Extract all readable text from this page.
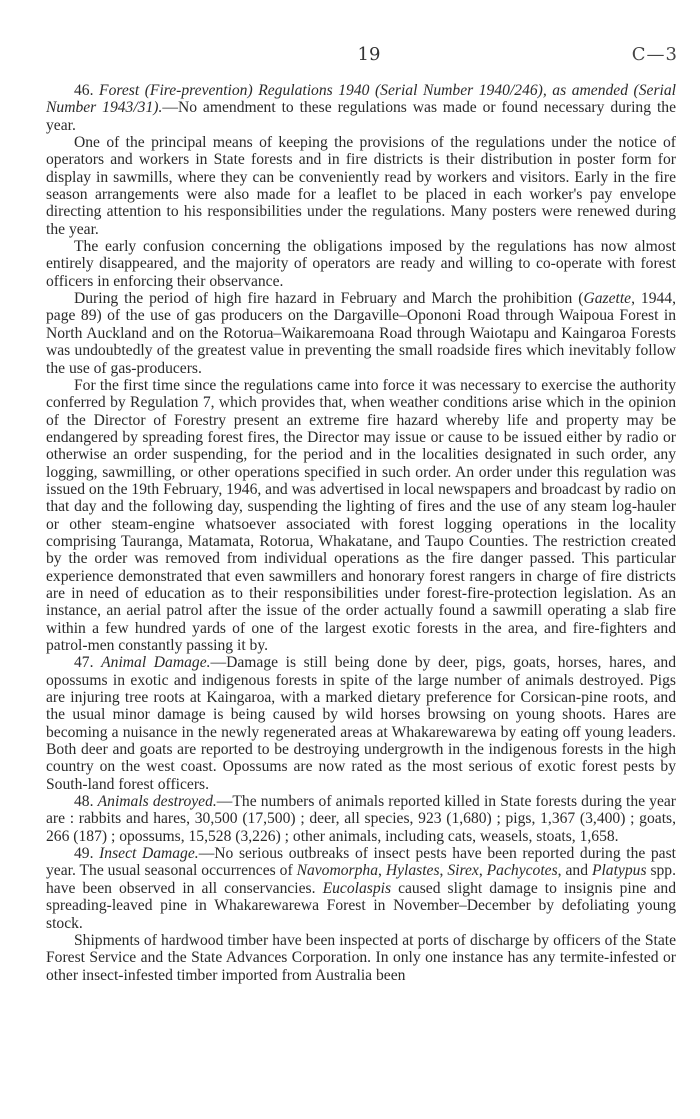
19	C—3

46. Forest (Fire-prevention) Regulations 1940 (Serial Number 1940/246), as amended (Serial Number 1943/31).—No amendment to these regulations was made or found necessary during the year.

One of the principal means of keeping the provisions of the regulations under the notice of operators and workers in State forests and in fire districts is their distribution in poster form for display in sawmills, where they can be conveniently read by workers and visitors. Early in the fire season arrangements were also made for a leaflet to be placed in each worker's pay envelope directing attention to his responsibilities under the regulations. Many posters were renewed during the year.

The early confusion concerning the obligations imposed by the regulations has now almost entirely disappeared, and the majority of operators are ready and willing to co-operate with forest officers in enforcing their observance.

During the period of high fire hazard in February and March the prohibition (Gazette, 1944, page 89) of the use of gas producers on the Dargaville–Opononi Road through Waipoua Forest in North Auckland and on the Rotorua–Waikaremoana Road through Waiotapu and Kaingaroa Forests was undoubtedly of the greatest value in preventing the small roadside fires which inevitably follow the use of gas-producers.

For the first time since the regulations came into force it was necessary to exercise the authority conferred by Regulation 7, which provides that, when weather conditions arise which in the opinion of the Director of Forestry present an extreme fire hazard whereby life and property may be endangered by spreading forest fires, the Director may issue or cause to be issued either by radio or otherwise an order suspending, for the period and in the localities designated in such order, any logging, sawmilling, or other operations specified in such order. An order under this regulation was issued on the 19th February, 1946, and was advertised in local newspapers and broadcast by radio on that day and the following day, suspending the lighting of fires and the use of any steam log-hauler or other steam-engine whatsoever associated with forest logging operations in the locality comprising Tauranga, Matamata, Rotorua, Whakatane, and Taupo Counties. The restriction created by the order was removed from individual operations as the fire danger passed. This particular experience demonstrated that even sawmillers and honorary forest rangers in charge of fire districts are in need of education as to their responsibilities under forest-fire-protection legislation. As an instance, an aerial patrol after the issue of the order actually found a sawmill operating a slab fire within a few hundred yards of one of the largest exotic forests in the area, and fire-fighters and patrol-men constantly passing it by.

47. Animal Damage.—Damage is still being done by deer, pigs, goats, horses, hares, and opossums in exotic and indigenous forests in spite of the large number of animals destroyed. Pigs are injuring tree roots at Kaingaroa, with a marked dietary preference for Corsican-pine roots, and the usual minor damage is being caused by wild horses browsing on young shoots. Hares are becoming a nuisance in the newly regenerated areas at Whakarewarewa by eating off young leaders. Both deer and goats are reported to be destroying undergrowth in the indigenous forests in the high country on the west coast. Opossums are now rated as the most serious of exotic forest pests by South-land forest officers.

48. Animals destroyed.—The numbers of animals reported killed in State forests during the year are : rabbits and hares, 30,500 (17,500) ; deer, all species, 923 (1,680) ; pigs, 1,367 (3,400) ; goats, 266 (187) ; opossums, 15,528 (3,226) ; other animals, including cats, weasels, stoats, 1,658.

49. Insect Damage.—No serious outbreaks of insect pests have been reported during the past year. The usual seasonal occurrences of Navomorpha, Hylastes, Sirex, Pachycotes, and Platypus spp. have been observed in all conservancies. Eucolaspis caused slight damage to insignis pine and spreading-leaved pine in Whakarewarewa Forest in November–December by defoliating young stock.

Shipments of hardwood timber have been inspected at ports of discharge by officers of the State Forest Service and the State Advances Corporation. In only one instance has any termite-infested or other insect-infested timber imported from Australia been
